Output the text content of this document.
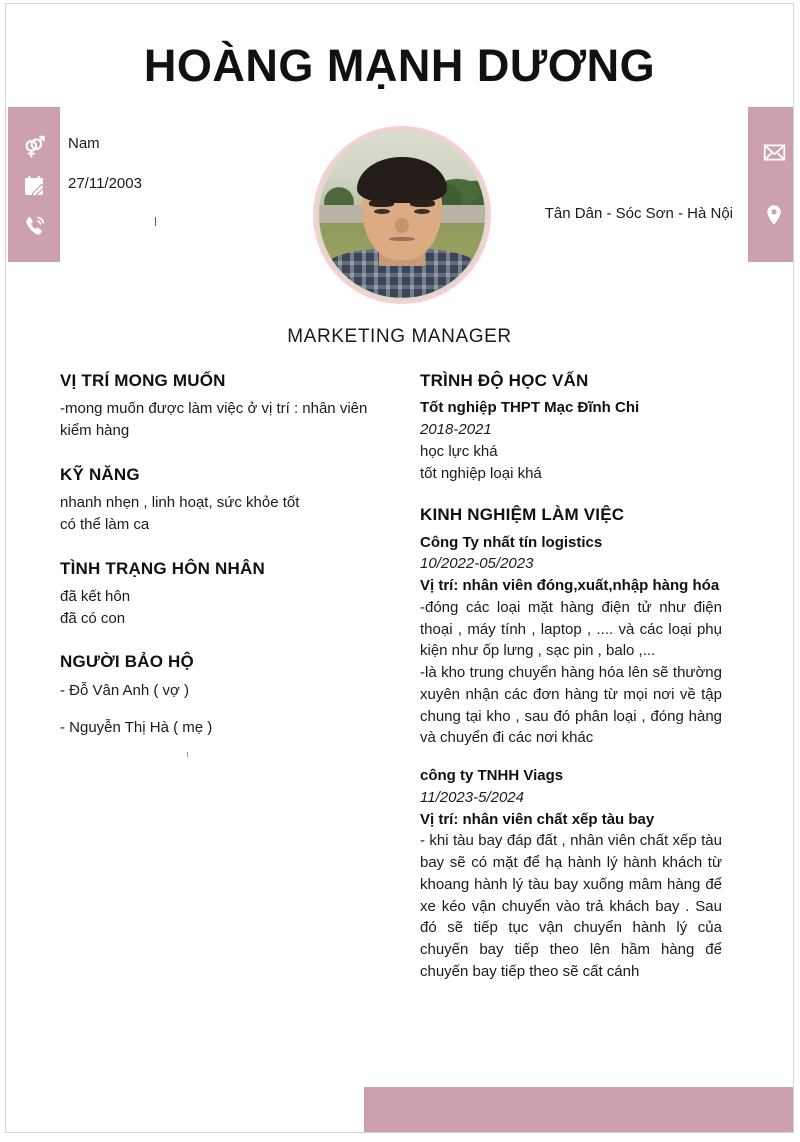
HOÀNG MẠNH DƯƠNG
Nam
27/11/2003
Tân Dân - Sóc Sơn - Hà Nội
MARKETING MANAGER
VỊ TRÍ MONG MUỐN

-mong muốn được làm việc ở vị trí : nhân viên kiểm hàng

KỸ NĂNG

nhanh nhẹn , linh hoạt, sức khỏe tốt

có thể làm ca

TÌNH TRẠNG HÔN NHÂN

đã kết hôn

đã có con

NGƯỜI BẢO HỘ

- Đỗ Vân Anh ( vợ )

- Nguyễn Thị Hà ( mẹ )

TRÌNH ĐỘ HỌC VẤN

Tốt nghiệp THPT Mạc Đĩnh Chi

2018-2021

học lực khá

tốt nghiệp loại khá

KINH NGHIỆM LÀM VIỆC

Công Ty nhất tín logistics

10/2022-05/2023

Vị trí: nhân viên đóng,xuất,nhập hàng hóa

-đóng các loại mặt hàng điện tử như điện thoại , máy tính , laptop , .... và các loại phụ kiện như ốp lưng , sạc pin , balo ,...

-là kho trung chuyển hàng hóa lên sẽ thường xuyên nhận các đơn hàng từ mọi nơi về tập chung tại kho , sau đó phân loại , đóng hàng và chuyển đi các nơi khác

công ty TNHH Viags

11/2023-5/2024

Vị trí: nhân viên chất xếp tàu bay

- khi tàu bay đáp đất , nhân viên chất xếp tàu bay sẽ có mặt để hạ hành lý hành khách từ khoang hành lý tàu bay xuống mâm hàng để xe kéo vận chuyển vào trả khách bay . Sau đó sẽ tiếp tục vận chuyển hành lý của chuyến bay tiếp theo lên hầm hàng để chuyến bay tiếp theo sẽ cất cánh
